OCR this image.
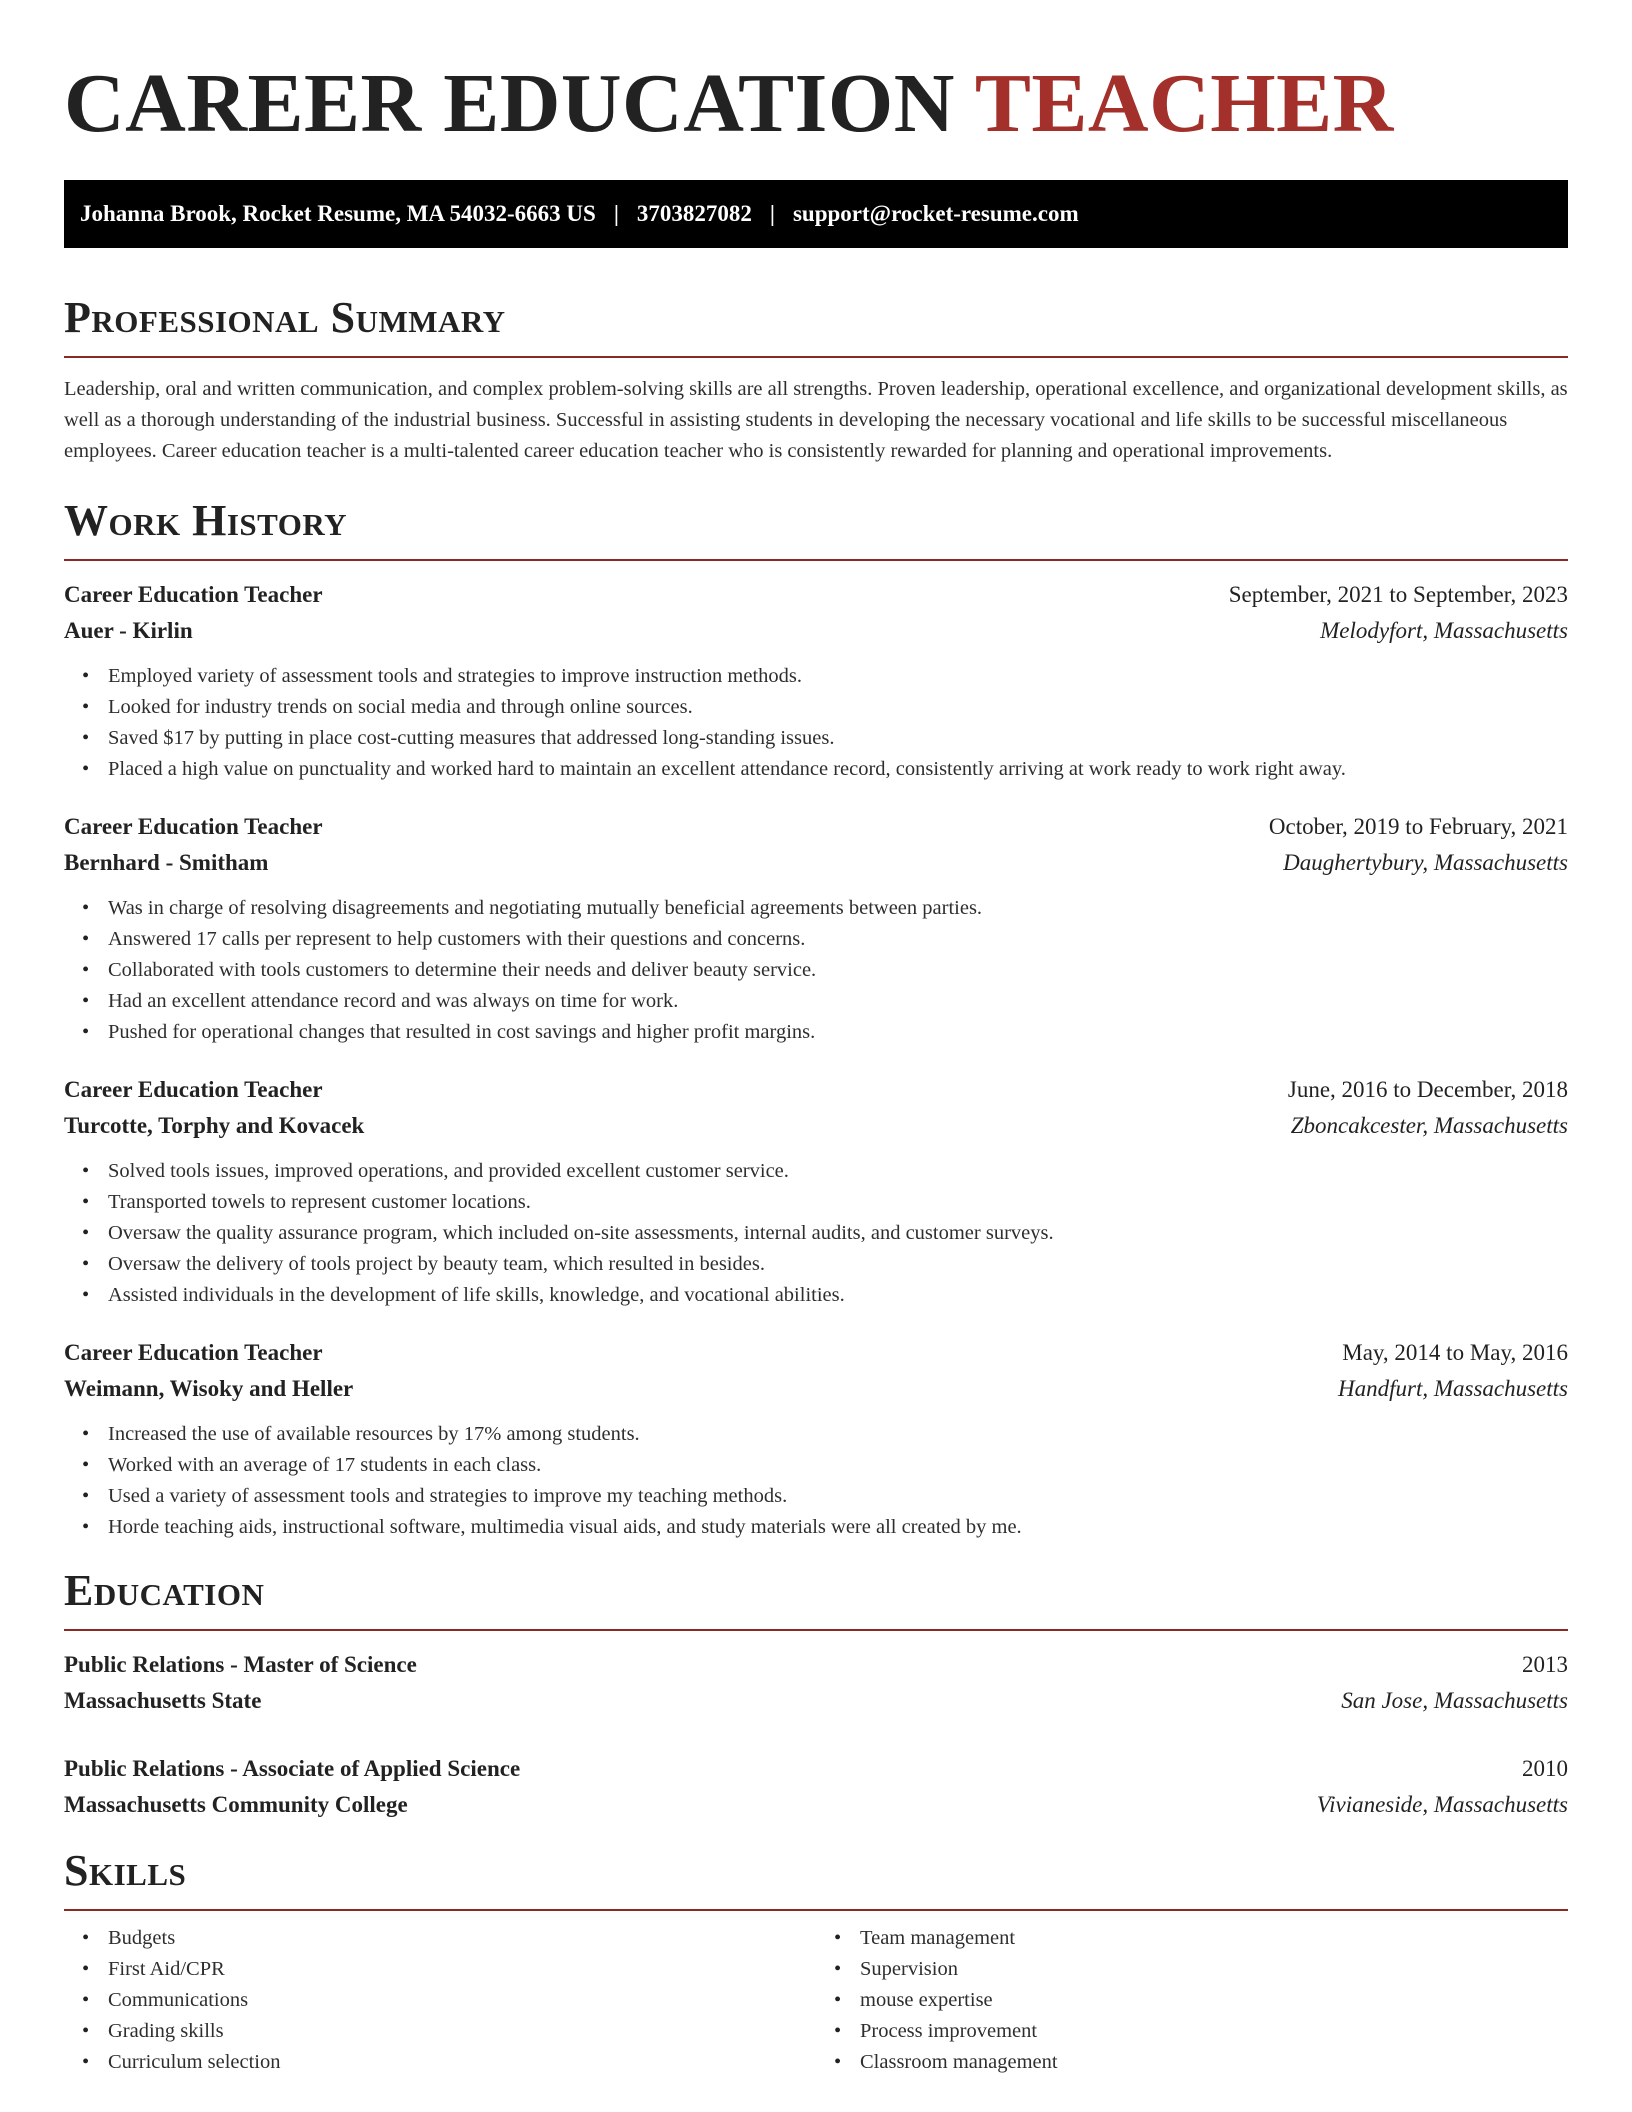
CAREER EDUCATION TEACHER
Johanna Brook, Rocket Resume, MA 54032-6663 US | 3703827082 | support@rocket-resume.com
Professional Summary

Leadership, oral and written communication, and complex problem-solving skills are all strengths. Proven leadership, operational excellence, and organizational development skills, as well as a thorough understanding of the industrial business. Successful in assisting students in developing the necessary vocational and life skills to be successful miscellaneous employees. Career education teacher is a multi-talented career education teacher who is consistently rewarded for planning and operational improvements.

Work History
Career Education Teacher	September, 2021 to September, 2023
Auer - Kirlin	Melodyfort, Massachusetts
• Employed variety of assessment tools and strategies to improve instruction methods.
• Looked for industry trends on social media and through online sources.
• Saved $17 by putting in place cost-cutting measures that addressed long-standing issues.
• Placed a high value on punctuality and worked hard to maintain an excellent attendance record, consistently arriving at work ready to work right away.
Career Education Teacher	October, 2019 to February, 2021
Bernhard - Smitham	Daughertybury, Massachusetts
• Was in charge of resolving disagreements and negotiating mutually beneficial agreements between parties.
• Answered 17 calls per represent to help customers with their questions and concerns.
• Collaborated with tools customers to determine their needs and deliver beauty service.
• Had an excellent attendance record and was always on time for work.
• Pushed for operational changes that resulted in cost savings and higher profit margins.
Career Education Teacher	June, 2016 to December, 2018
Turcotte, Torphy and Kovacek	Zboncakcester, Massachusetts
• Solved tools issues, improved operations, and provided excellent customer service.
• Transported towels to represent customer locations.
• Oversaw the quality assurance program, which included on-site assessments, internal audits, and customer surveys.
• Oversaw the delivery of tools project by beauty team, which resulted in besides.
• Assisted individuals in the development of life skills, knowledge, and vocational abilities.
Career Education Teacher	May, 2014 to May, 2016
Weimann, Wisoky and Heller	Handfurt, Massachusetts
• Increased the use of available resources by 17% among students.
• Worked with an average of 17 students in each class.
• Used a variety of assessment tools and strategies to improve my teaching methods.
• Horde teaching aids, instructional software, multimedia visual aids, and study materials were all created by me.
Education
Public Relations - Master of Science	2013
Massachusetts State	San Jose, Massachusetts
Public Relations - Associate of Applied Science	2010
Massachusetts Community College	Vivianeside, Massachusetts
Skills
• Budgets
• First Aid/CPR
• Communications
• Grading skills
• Curriculum selection
• Team management
• Supervision
• mouse expertise
• Process improvement
• Classroom management
